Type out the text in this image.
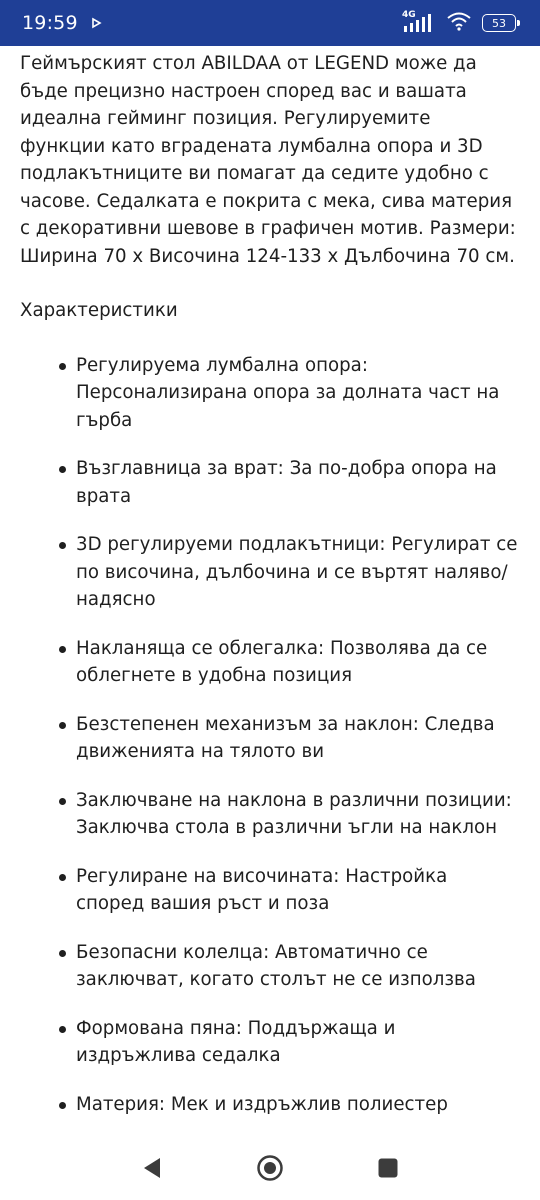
19:59	4G
53

Геймърският стол ABILDAA от LEGEND може да бъде прецизно настроен според вас и вашата идеална гейминг позиция. Регулируемите функции като вградената лумбална опора и 3D подлакътниците ви помагат да седите удобно с часове. Седалката е покрита с мека, сива материя с декоративни шевове в графичен мотив. Размери: Ширина 70 x Височина 124-133 x Дълбочина 70 см.

Характеристики

Регулируема лумбална опора: Персонализирана опора за долната част на гърба
Възглавница за врат: За по-добра опора на врата
3D регулируеми подлакътници: Регулират се по височина, дълбочина и се въртят наляво/надясно
Накланяща се облегалка: Позволява да се облегнете в удобна позиция
Безстепенен механизъм за наклон: Следва движенията на тялото ви
Заключване на наклона в различни позиции: Заключва стола в различни ъгли на наклон
Регулиране на височината: Настройка според вашия ръст и поза
Безопасни колелца: Автоматично се заключват, когато столът не се използва
Формована пяна: Поддържаща и издръжлива седалка
Материя: Мек и издръжлив полиестер
